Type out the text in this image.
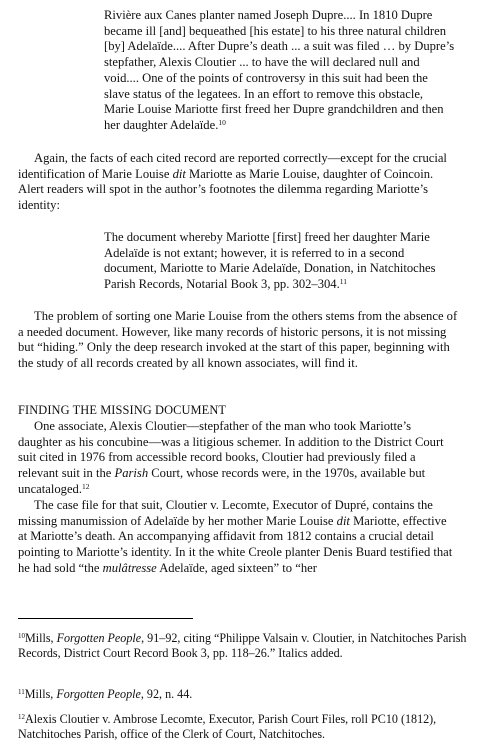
Rivière aux Canes planter named Joseph Dupre.... In 1810 Dupre became ill [and] bequeathed [his estate] to his three natural children [by] Adelaïde.... After Dupre’s death ... a suit was filed … by Dupre’s stepfather, Alexis Cloutier ... to have the will declared null and void.... One of the points of controversy in this suit had been the slave status of the legatees. In an effort to remove this obstacle, Marie Louise Mariotte first freed her Dupre grandchildren and then her daughter Adelaïde.$^{10}$

Again, the facts of each cited record are reported correctly—except for the crucial identification of Marie Louise dit Mariotte as Marie Louise, daughter of Coincoin. Alert readers will spot in the author’s footnotes the dilemma regarding Mariotte’s identity:

The document whereby Mariotte [first] freed her daughter Marie Adelaïde is not extant; however, it is referred to in a second document, Mariotte to Marie Adelaïde, Donation, in Natchitoches Parish Records, Notarial Book 3, pp. 302–304.11

The problem of sorting one Marie Louise from the others stems from the absence of a needed document. However, like many records of historic persons, it is not missing but “hiding.” Only the deep research invoked at the start of this paper, beginning with the study of all records created by all known associates, will find it.

FINDING THE MISSING DOCUMENT

One associate, Alexis Cloutier—stepfather of the man who took Mariotte’s daughter as his concubine—was a litigious schemer. In addition to the District Court suit cited in 1976 from accessible record books, Cloutier had previously filed a relevant suit in the Parish Court, whose records were, in the 1970s, available but uncataloged.$^{12}$

The case file for that suit, Cloutier v. Lecomte, Executor of Dupré, contains the missing manumission of Adelaïde by her mother Marie Louise dit Mariotte, effective at Mariotte’s death. An accompanying affidavit from 1812 contains a crucial detail pointing to Mariotte’s identity. In it the white Creole planter Denis Buard testified that he had sold “the mulâtresse Adelaïde, aged sixteen” to “her

$^{10}$Mills, Forgotten People, 91–92, citing “Philippe Valsain v. Cloutier, in Natchitoches Parish Records, District Court Record Book 3, pp. 118–26.” Italics added.

$^{11}$Mills, Forgotten People, 92, n. 44.

$^{12}$Alexis Cloutier v. Ambrose Lecomte, Executor, Parish Court Files, roll PC10 (1812), Natchitoches Parish, office of the Clerk of Court, Natchitoches.
